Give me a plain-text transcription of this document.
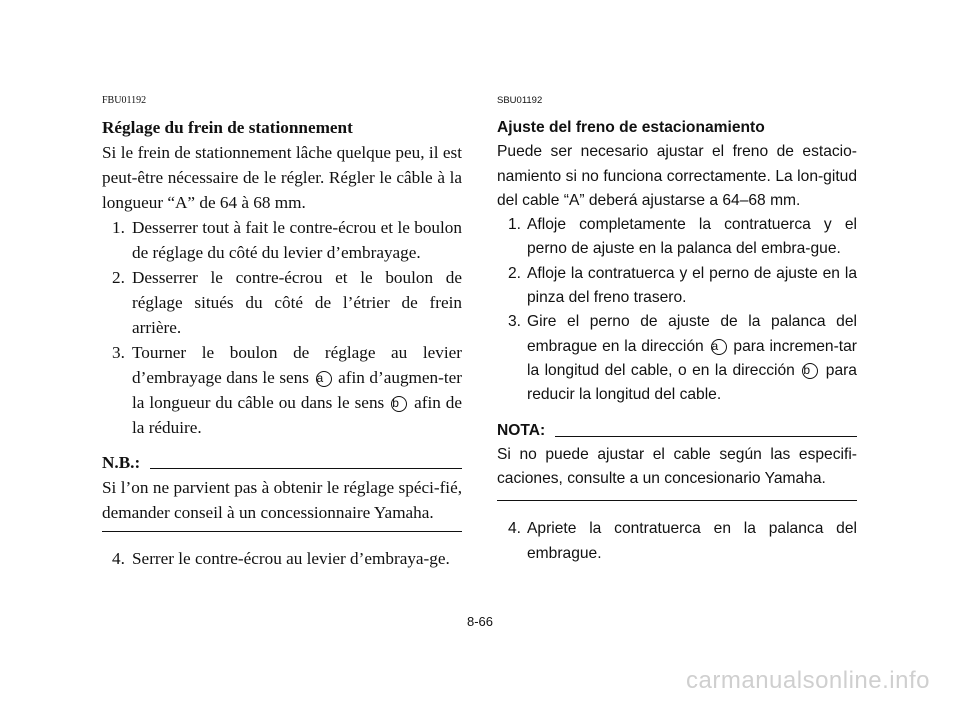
FBU01192
Réglage du frein de stationnement

Si le frein de stationnement lâche quelque peu, il est peut-être nécessaire de le régler. Régler le câble à la longueur “A” de 64 à 68 mm.

1. Desserrer tout à fait le contre-écrou et le boulon de réglage du côté du levier d’embrayage.
2. Desserrer le contre-écrou et le boulon de réglage situés du côté de l’étrier de frein arrière.
3. Tourner le boulon de réglage au levier d’embrayage dans le sens a afin d’augmen-ter la longueur du câble ou dans le sens b afin de la réduire.
N.B.:

Si l’on ne parvient pas à obtenir le réglage spéci-fié, demander conseil à un concessionnaire Yamaha.

4. Serrer le contre-écrou au levier d’embraya-ge.
SBU01192
Ajuste del freno de estacionamiento

Puede ser necesario ajustar el freno de estacio-namiento si no funciona correctamente. La lon-gitud del cable “A” deberá ajustarse a 64–68 mm.

1. Afloje completamente la contratuerca y el perno de ajuste en la palanca del embra-gue.
2. Afloje la contratuerca y el perno de ajuste en la pinza del freno trasero.
3. Gire el perno de ajuste de la palanca del embrague en la dirección a para incremen-tar la longitud del cable, o en la dirección b para reducir la longitud del cable.
NOTA:

Si no puede ajustar el cable según las especifi-caciones, consulte a un concesionario Yamaha.

4. Apriete la contratuerca en la palanca del embrague.
8-66
carmanualsonline.info
